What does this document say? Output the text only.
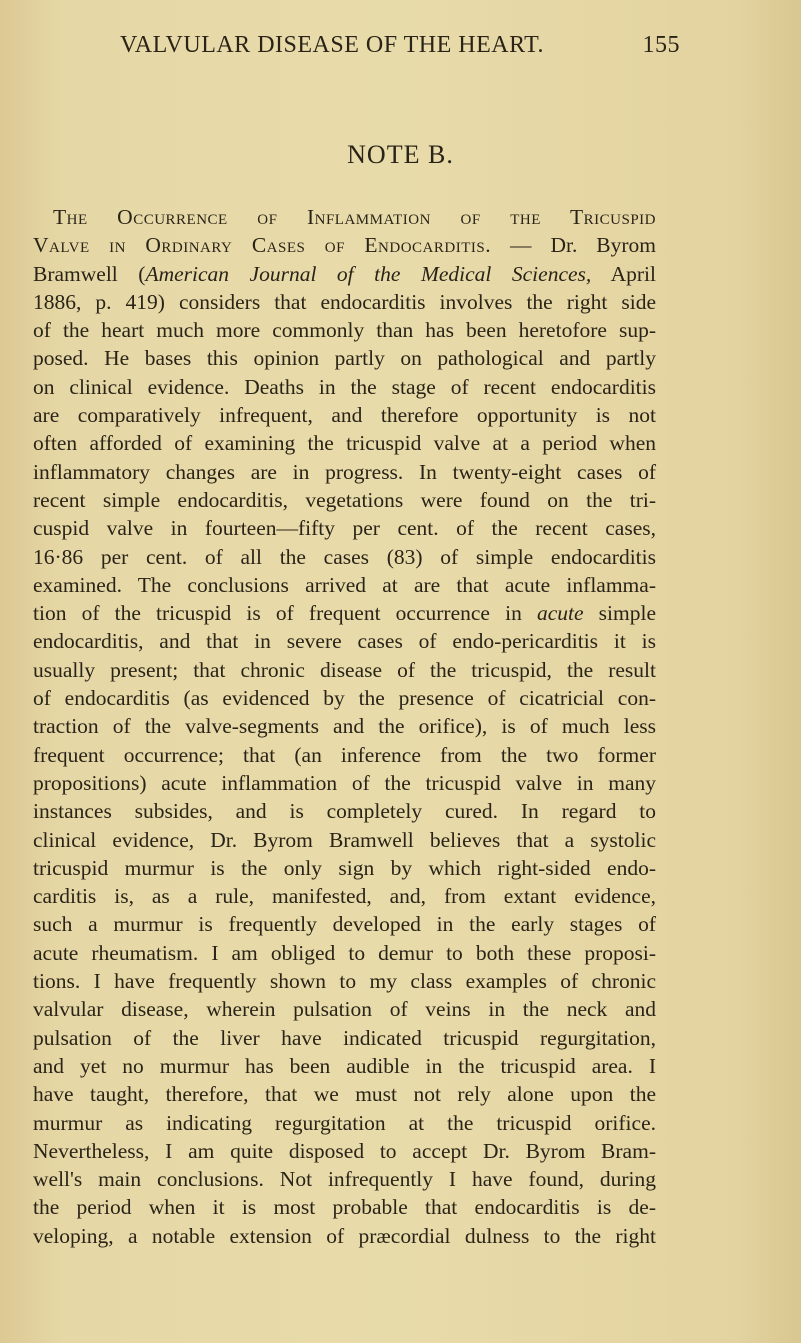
VALVULAR DISEASE OF THE HEART.	155
NOTE B.
The Occurrence of Inflammation of the Tricuspid
Valve in Ordinary Cases of Endocarditis. — Dr. Byrom
Bramwell (American Journal of the Medical Sciences, April
1886, p. 419) considers that endocarditis involves the right side
of the heart much more commonly than has been heretofore sup-
posed. He bases this opinion partly on pathological and partly
on clinical evidence. Deaths in the stage of recent endocarditis
are comparatively infrequent, and therefore opportunity is not
often afforded of examining the tricuspid valve at a period when
inflammatory changes are in progress. In twenty-eight cases of
recent simple endocarditis, vegetations were found on the tri-
cuspid valve in fourteen—fifty per cent. of the recent cases,
16·86 per cent. of all the cases (83) of simple endocarditis
examined. The conclusions arrived at are that acute inflamma-
tion of the tricuspid is of frequent occurrence in acute simple
endocarditis, and that in severe cases of endo-pericarditis it is
usually present; that chronic disease of the tricuspid, the result
of endocarditis (as evidenced by the presence of cicatricial con-
traction of the valve-segments and the orifice), is of much less
frequent occurrence; that (an inference from the two former
propositions) acute inflammation of the tricuspid valve in many
instances subsides, and is completely cured. In regard to
clinical evidence, Dr. Byrom Bramwell believes that a systolic
tricuspid murmur is the only sign by which right-sided endo-
carditis is, as a rule, manifested, and, from extant evidence,
such a murmur is frequently developed in the early stages of
acute rheumatism. I am obliged to demur to both these proposi-
tions. I have frequently shown to my class examples of chronic
valvular disease, wherein pulsation of veins in the neck and
pulsation of the liver have indicated tricuspid regurgitation,
and yet no murmur has been audible in the tricuspid area. I
have taught, therefore, that we must not rely alone upon the
murmur as indicating regurgitation at the tricuspid orifice.
Nevertheless, I am quite disposed to accept Dr. Byrom Bram-
well's main conclusions. Not infrequently I have found, during
the period when it is most probable that endocarditis is de-
veloping, a notable extension of præcordial dulness to the right
